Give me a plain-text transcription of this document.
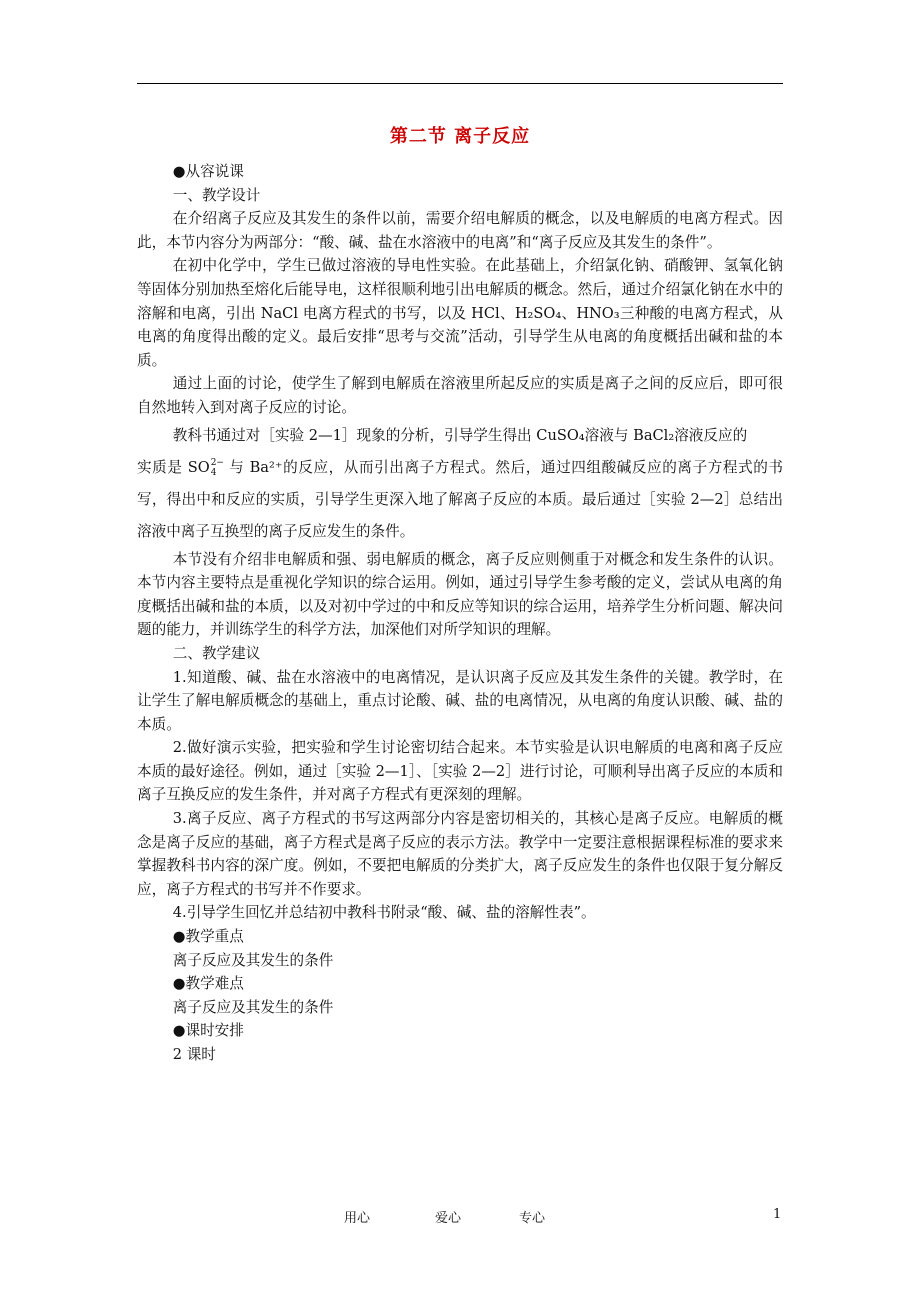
第二节 离子反应

●从容说课

一、教学设计

在介绍离子反应及其发生的条件以前，需要介绍电解质的概念，以及电解质的电离方程式。因此，本节内容分为两部分：“酸、碱、盐在水溶液中的电离”和“离子反应及其发生的条件”。

在初中化学中，学生已做过溶液的导电性实验。在此基础上，介绍氯化钠、硝酸钾、氢氧化钠等固体分别加热至熔化后能导电，这样很顺利地引出电解质的概念。然后，通过介绍氯化钠在水中的溶解和电离，引出 NaCl 电离方程式的书写，以及 HCl、H₂SO₄、HNO₃三种酸的电离方程式，从电离的角度得出酸的定义。最后安排“思考与交流”活动，引导学生从电离的角度概括出碱和盐的本质。

通过上面的讨论，使学生了解到电解质在溶液里所起反应的实质是离子之间的反应后，即可很自然地转入到对离子反应的讨论。

教科书通过对［实验 2—1］现象的分析，引导学生得出 CuSO₄溶液与 BaCl₂溶液反应的

实质是 SO2−
4 与 Ba²⁺的反应，从而引出离子方程式。然后，通过四组酸碱反应的离子方程式的书写，得出中和反应的实质，引导学生更深入地了解离子反应的本质。最后通过［实验 2—2］总结出溶液中离子互换型的离子反应发生的条件。

本节没有介绍非电解质和强、弱电解质的概念，离子反应则侧重于对概念和发生条件的认识。本节内容主要特点是重视化学知识的综合运用。例如，通过引导学生参考酸的定义，尝试从电离的角度概括出碱和盐的本质，以及对初中学过的中和反应等知识的综合运用，培养学生分析问题、解决问题的能力，并训练学生的科学方法，加深他们对所学知识的理解。

二、教学建议

1.知道酸、碱、盐在水溶液中的电离情况，是认识离子反应及其发生条件的关键。教学时，在让学生了解电解质概念的基础上，重点讨论酸、碱、盐的电离情况，从电离的角度认识酸、碱、盐的本质。

2.做好演示实验，把实验和学生讨论密切结合起来。本节实验是认识电解质的电离和离子反应本质的最好途径。例如，通过［实验 2—1］、［实验 2—2］进行讨论，可顺利导出离子反应的本质和离子互换反应的发生条件，并对离子方程式有更深刻的理解。

3.离子反应、离子方程式的书写这两部分内容是密切相关的，其核心是离子反应。电解质的概念是离子反应的基础，离子方程式是离子反应的表示方法。教学中一定要注意根据课程标准的要求来掌握教科书内容的深广度。例如，不要把电解质的分类扩大，离子反应发生的条件也仅限于复分解反应，离子方程式的书写并不作要求。

4.引导学生回忆并总结初中教科书附录“酸、碱、盐的溶解性表”。

●教学重点

离子反应及其发生的条件

●教学难点

离子反应及其发生的条件

●课时安排

2 课时

用心	爱心	专心	1
